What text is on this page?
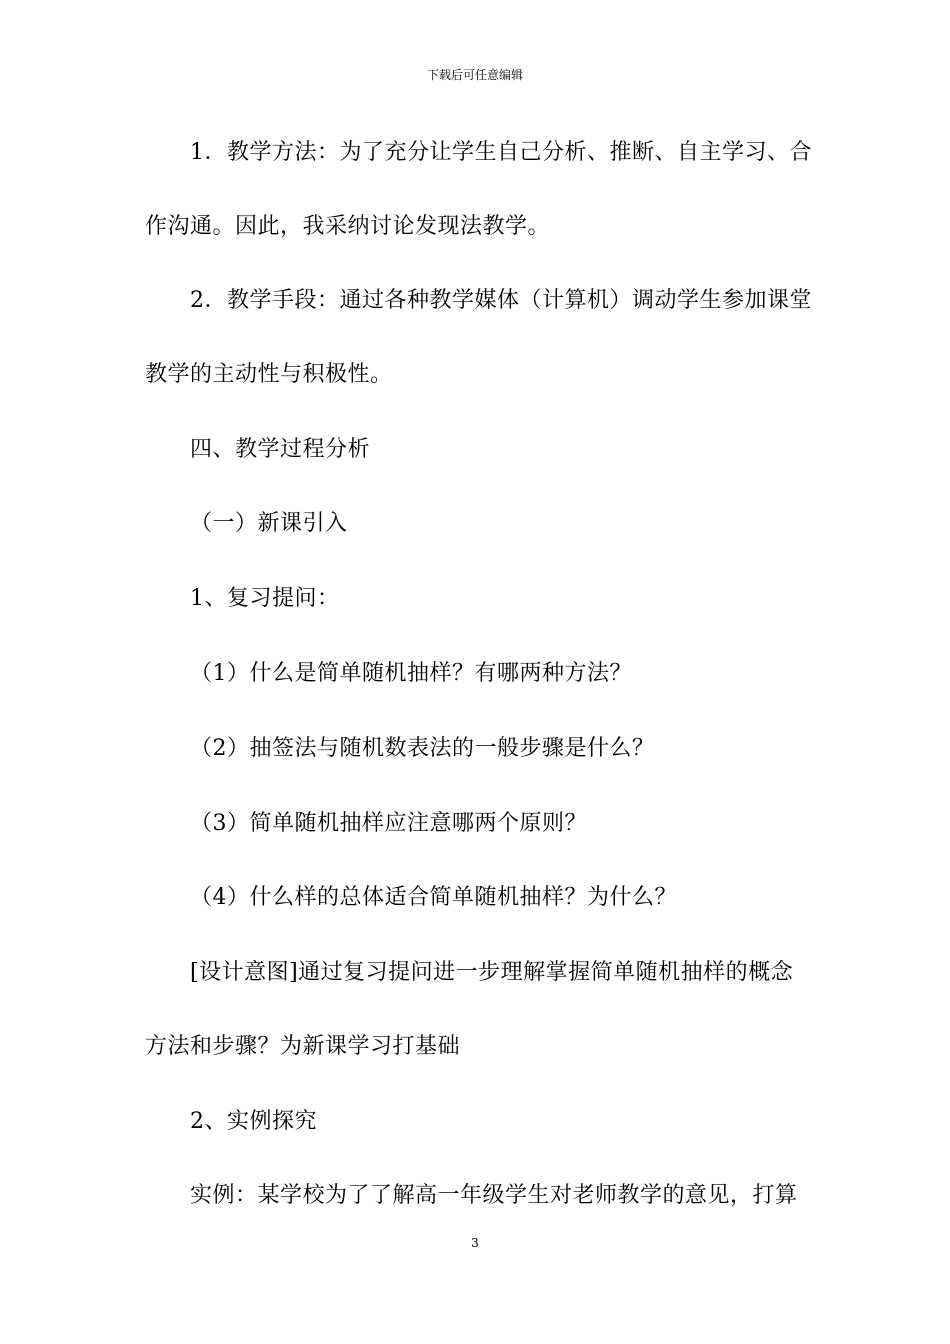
下载后可任意编辑
1．教学方法：为了充分让学生自己分析、推断、自主学习、合
作沟通。因此，我采纳讨论发现法教学。
2．教学手段：通过各种教学媒体（计算机）调动学生参加课堂
教学的主动性与积极性。
四、教学过程分析
（一）新课引入
1、复习提问：
（1）什么是简单随机抽样？有哪两种方法？
（2）抽签法与随机数表法的一般步骤是什么？
（3）简单随机抽样应注意哪两个原则？
（4）什么样的总体适合简单随机抽样？为什么？
[设计意图]通过复习提问进一步理解掌握简单随机抽样的概念
方法和步骤？为新课学习打基础
2、实例探究
实例：某学校为了了解高一年级学生对老师教学的意见，打算
3
